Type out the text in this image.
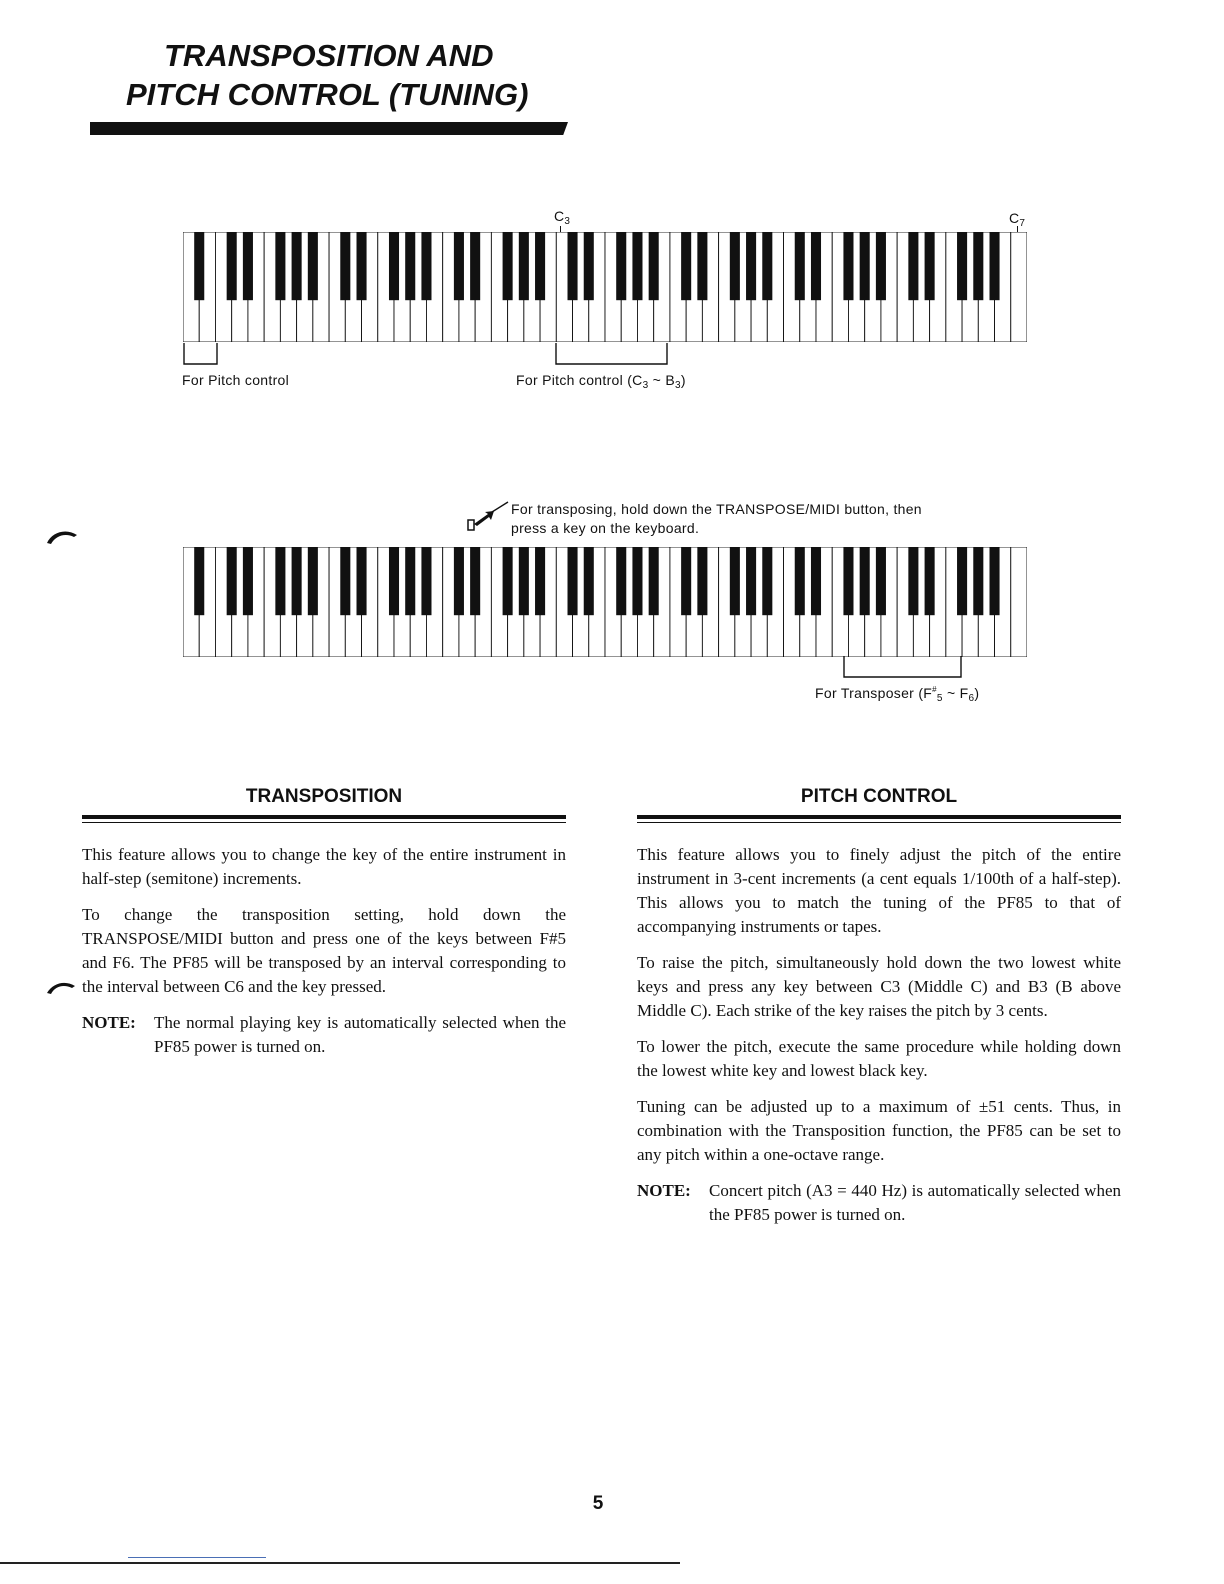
TRANSPOSITION AND
PITCH CONTROL (TUNING)
$C_3$	$C_7$
For Pitch control	For Pitch control ($C_3$ ~ $B_3$)
For transposing, hold down the TRANSPOSE/MIDI button, then
press a key on the keyboard.
For Transposer ($F^{\#}_5$ ~ $F_6$)
TRANSPOSITION

This feature allows you to change the key of the entire instrument in half-step (semitone) increments.

To change the transposition setting, hold down the TRANSPOSE/MIDI button and press one of the keys between F#5 and F6. The PF85 will be transposed by an interval corresponding to the interval between C6 and the key pressed.

NOTE:	The normal playing key is automatically selected when the PF85 power is turned on.
PITCH CONTROL

This feature allows you to finely adjust the pitch of the entire instrument in 3-cent increments (a cent equals 1/100th of a half-step). This allows you to match the tuning of the PF85 to that of accompanying instruments or tapes.

To raise the pitch, simultaneously hold down the two lowest white keys and press any key between C3 (Middle C) and B3 (B above Middle C). Each strike of the key raises the pitch by 3 cents.

To lower the pitch, execute the same procedure while holding down the lowest white key and lowest black key.

Tuning can be adjusted up to a maximum of ±51 cents. Thus, in combination with the Transposition function, the PF85 can be set to any pitch within a one-octave range.

NOTE:	Concert pitch (A3 = 440 Hz) is automatically selected when the PF85 power is turned on.
5
